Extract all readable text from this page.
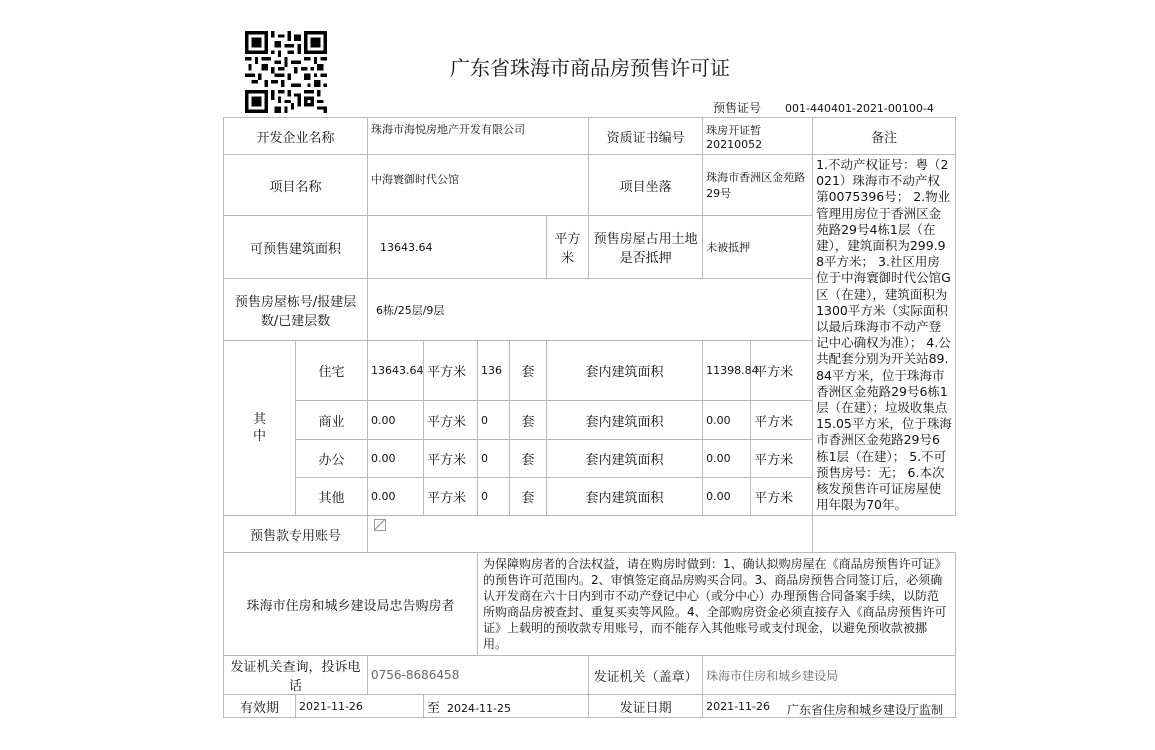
广东省珠海市商品房预售许可证
预售证号 001-440401-2021-00100-4
开发企业名称		珠海市海悦房地产开发有限公司					资质证书编号	珠房开证暂20210052		备注
项目名称		中海寰御时代公馆					项目坐落	珠海市香洲区金苑路29号		1.不动产权证号：粤（2021）珠海市不动产权第0075396号； 2.物业管理用房位于香洲区金苑路29号4栋1层（在建），建筑面积为299.98平方米； 3.社区用房位于中海寰御时代公馆G区（在建），建筑面积为1300平方米（实际面积以最后珠海市不动产登记中心确权为准）； 4.公共配套分别为开关站89.84平方米，位于珠海市香洲区金苑路29号6栋1层（在建）；垃圾收集点15.05平方米，位于珠海市香洲区金苑路29号6栋1层（在建）； 5.不可预售房号：无； 6.本次核发预售许可证房屋使用年限为70年。
可预售建筑面积		13643.64				平方米	预售房屋占用土地是否抵押	未被抵押		
预售房屋栋号/报建层数/已建层数		6栋/25层/9层								
其中	住宅	13643.64	平方米	136	套	套内建筑面积		11398.84	平方米	
	商业	0.00	平方米	0	套	套内建筑面积		0.00	平方米	
	办公	0.00	平方米	0	套	套内建筑面积		0.00	平方米	
	其他	0.00	平方米	0	套	套内建筑面积		0.00	平方米	
预售款专用账号										
珠海市住房和城乡建设局忠告购房者				为保障购房者的合法权益，请在购房时做到：1、确认拟购房屋在《商品房预售许可证》的预售许可范围内。2、审慎签定商品房购买合同。3、商品房预售合同签订后，必须确认开发商在六十日内到市不动产登记中心（或分中心）办理预售合同备案手续，以防范所购商品房被查封、重复买卖等风险。4、全部购房资金必须直接存入《商品房预售许可证》上载明的预收款专用账号，而不能存入其他账号或支付现金，以避免预收款被挪用。						
发证机关查询，投诉电话		0756-8686458					发证机关（盖章）	珠海市住房和城乡建设局		
有效期	2021-11-26		至 2024-11-25				发证日期	2021-11-26		广东省住房和城乡建设厅监制
